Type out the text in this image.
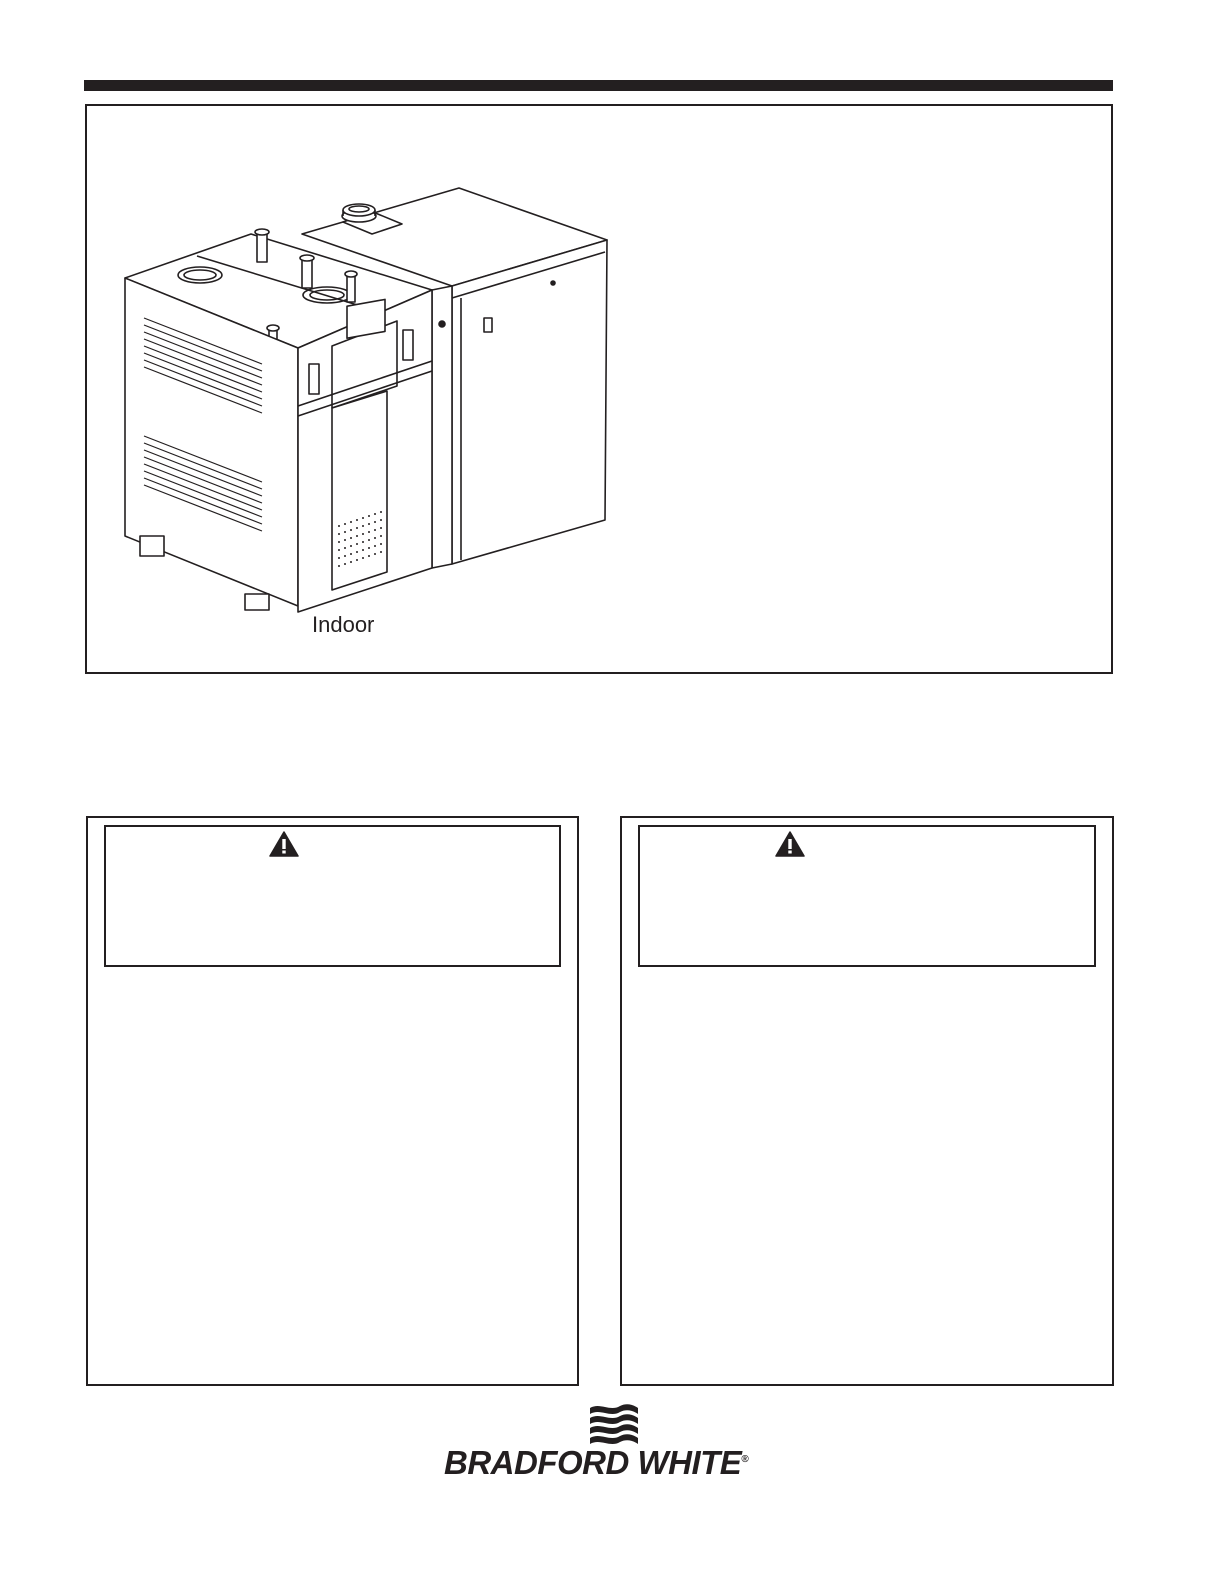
Indoor
BRADFORD WHITE®
